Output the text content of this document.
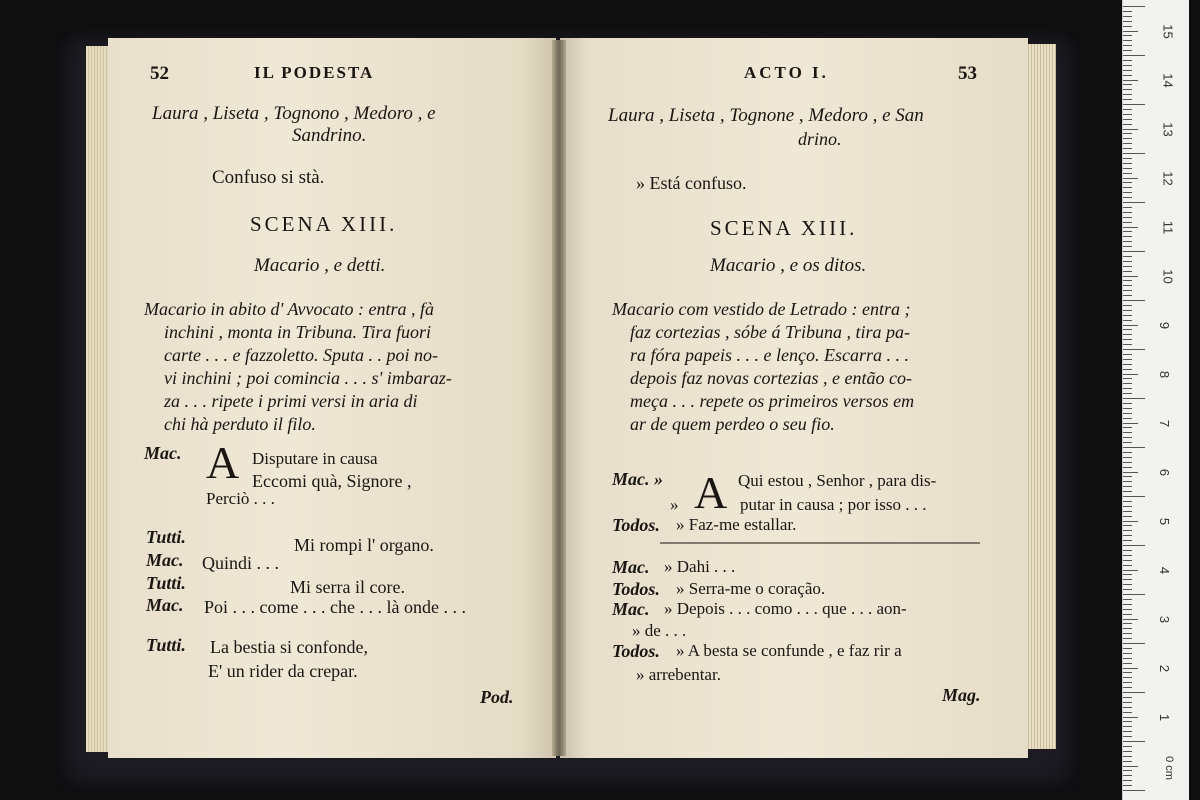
52	IL PODESTA
Laura , Liseta , Tognono , Medoro , e
Sandrino.
Confuso si stà.
SCENA XIII.
Macario , e detti.
Macario in abito d' Avvocato : entra , fà
inchini , monta in Tribuna. Tira fuori
carte . . . e fazzoletto. Sputa . . poi no-
vi inchini ; poi comincia . . . s' imbaraz-
za . . . ripete i primi versi in aria di
chi hà perduto il filo.
Mac. A Disputare in causa
Eccomi quà, Signore ,
Perciò . . .
Tutti.	Mi rompi l' organo.
Mac. Quindi . . .
Tutti.	Mi serra il core.
Mac. Poi . . . come . . . che . . . là onde . . .
Tutti. La bestia si confonde,
E' un rider da crepar.
Pod.
ACTO I.	53
Laura , Liseta , Tognone , Medoro , e San
drino.
» Está confuso.
SCENA XIII.
Macario , e os ditos.
Macario com vestido de Letrado : entra ;
faz cortezias , sóbe á Tribuna , tira pa-
ra fóra papeis . . . e lenço. Escarra . . .
depois faz novas cortezias , e então co-
meça . . . repete os primeiros versos em
ar de quem perdeo o seu fio.
Mac. » A Qui estou , Senhor , para dis-
»	putar in causa ; por isso . . .
Todos. » Faz-me estallar.
Mac. » Dahi . . .
Todos. » Serra-me o coração.
Mac. » Depois . . . como . . . que . . . aon-
» de . . .
Todos. » A besta se confunde , e faz rir a
» arrebentar.
Mag.
15
14
13
12
11
10
9
8
7
6
5
4
3
2
1
0 cm
